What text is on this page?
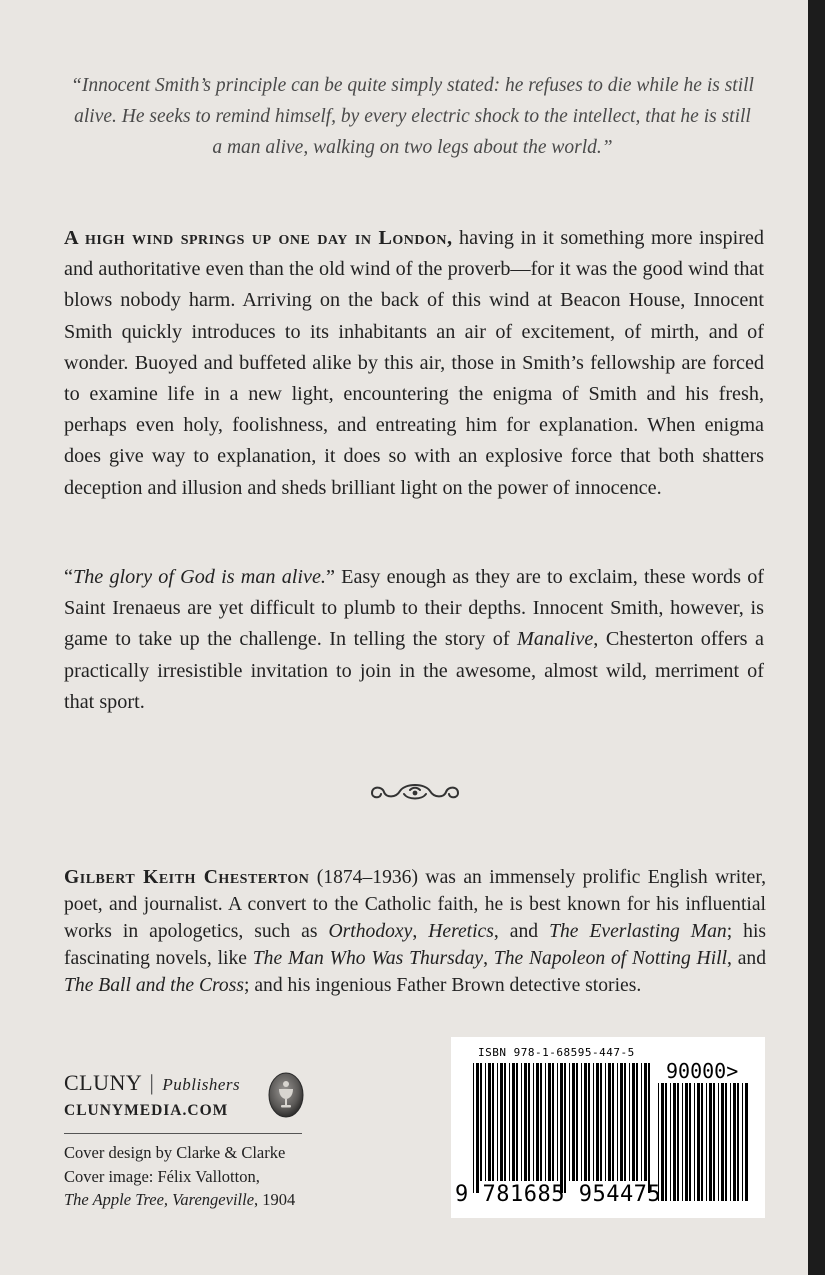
“Innocent Smith’s principle can be quite simply stated: he refuses to die while he is still alive. He seeks to remind himself, by every electric shock to the intellect, that he is still a man alive, walking on two legs about the world.”
A high wind springs up one day in London, having in it something more inspired and authoritative even than the old wind of the proverb—for it was the good wind that blows nobody harm. Arriving on the back of this wind at Beacon House, Innocent Smith quickly introduces to its inhabitants an air of excitement, of mirth, and of wonder. Buoyed and buffeted alike by this air, those in Smith’s fellowship are forced to examine life in a new light, encountering the enigma of Smith and his fresh, perhaps even holy, foolishness, and entreating him for explanation. When enigma does give way to explanation, it does so with an explosive force that both shatters deception and illusion and sheds brilliant light on the power of innocence.
“The glory of God is man alive.” Easy enough as they are to exclaim, these words of Saint Irenaeus are yet difficult to plumb to their depths. Innocent Smith, however, is game to take up the challenge. In telling the story of Manalive, Chesterton offers a practically irresistible invitation to join in the awesome, almost wild, merriment of that sport.
Gilbert Keith Chesterton (1874–1936) was an immensely prolific English writer, poet, and journalist. A convert to the Catholic faith, he is best known for his influential works in apologetics, such as Orthodoxy, Heretics, and The Everlasting Man; his fascinating novels, like The Man Who Was Thursday, The Napoleon of Notting Hill, and The Ball and the Cross; and his ingenious Father Brown detective stories.
CLUNY | Publishers
CLUNYMEDIA.COM
Cover design by Clarke & Clarke
Cover image: Félix Vallotton,
The Apple Tree, Varengeville, 1904
ISBN 978-1-68595-447-5
90000>
9 781685 954475
